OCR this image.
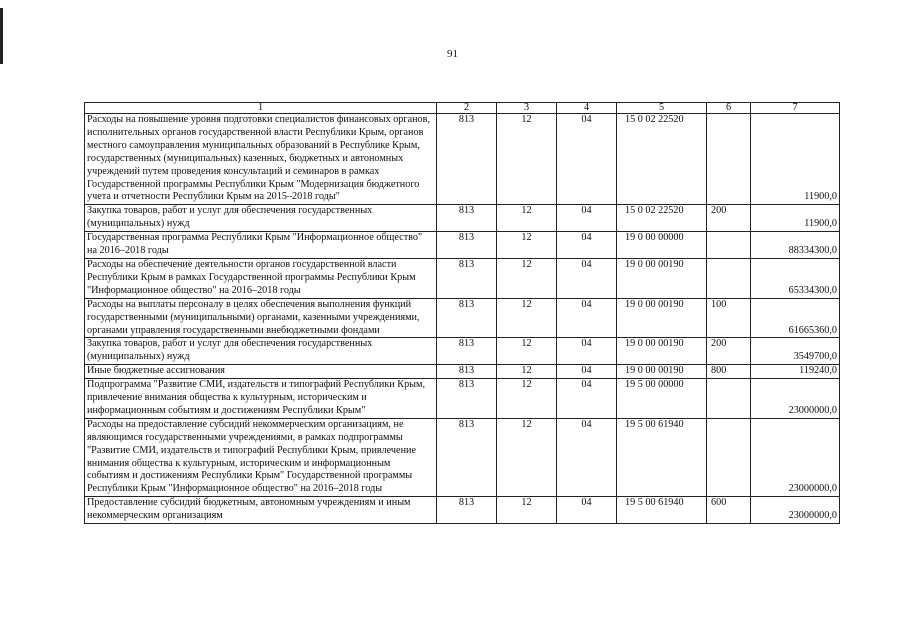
91
1	2	3	4	5	6	7
Расходы на повышение уровня подготовки специалистов финансовых органов, исполнительных органов государственной власти Республики Крым, органов местного самоуправления муниципальных образований в Республике Крым, государственных (муниципальных) казенных, бюджетных и автономных учреждений путем проведения консультаций и семинаров в рамках Государственной программы Республики Крым "Модернизация бюджетного учета и отчетности Республики Крым на 2015–2018 годы"	813	12	04	15 0 02 22520		11900,0
Закупка товаров, работ и услуг для обеспечения государственных (муниципальных) нужд	813	12	04	15 0 02 22520	200	11900,0
Государственная программа Республики Крым "Информационное общество" на 2016–2018 годы	813	12	04	19 0 00 00000		88334300,0
Расходы на обеспечение деятельности органов государственной власти Республики Крым в рамках Государственной программы Республики Крым "Информационное общество" на 2016–2018 годы	813	12	04	19 0 00 00190		65334300,0
Расходы на выплаты персоналу в целях обеспечения выполнения функций государственными (муниципальными) органами, казенными учреждениями, органами управления государственными внебюджетными фондами	813	12	04	19 0 00 00190	100	61665360,0
Закупка товаров, работ и услуг для обеспечения государственных (муниципальных) нужд	813	12	04	19 0 00 00190	200	3549700,0
Иные бюджетные ассигнования	813	12	04	19 0 00 00190	800	119240,0
Подпрограмма "Развитие СМИ, издательств и типографий Республики Крым, привлечение внимания общества к культурным, историческим и информационным событиям и достижениям Республики Крым"	813	12	04	19 5 00 00000		23000000,0
Расходы на предоставление субсидий некоммерческим организациям, не являющимся государственными учреждениями, в рамках подпрограммы "Развитие СМИ, издательств и типографий Республики Крым, привлечение внимания общества к культурным, историческим и информационным событиям и достижениям Республики Крым" Государственной программы Республики Крым "Информационное общество" на 2016–2018 годы	813	12	04	19 5 00 61940		23000000,0
Предоставление субсидий бюджетным, автономным учреждениям и иным некоммерческим организациям	813	12	04	19 5 00 61940	600	23000000,0
